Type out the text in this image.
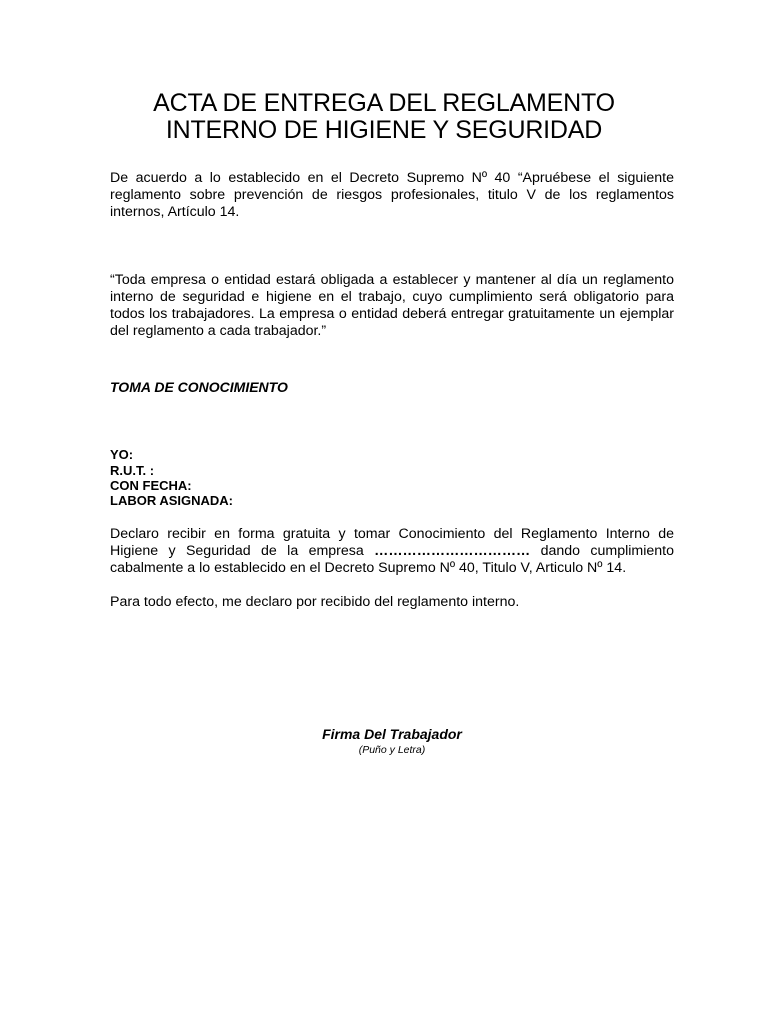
ACTA DE ENTREGA DEL REGLAMENTO
INTERNO DE HIGIENE Y SEGURIDAD
De acuerdo a lo establecido en el Decreto Supremo Nº 40 “Apruébese el siguiente reglamento sobre prevención de riesgos profesionales, titulo V de los reglamentos internos, Artículo 14.
“Toda empresa o entidad estará obligada a establecer y mantener al día un reglamento interno de seguridad e higiene en el trabajo, cuyo cumplimiento será obligatorio para todos los trabajadores. La empresa o entidad deberá entregar gratuitamente un ejemplar del reglamento a cada trabajador.”
TOMA DE CONOCIMIENTO
YO:
R.U.T. :
CON FECHA:
LABOR ASIGNADA:
Declaro recibir en forma gratuita y tomar Conocimiento del Reglamento Interno de Higiene y Seguridad de la empresa …………………………… dando cumplimiento cabalmente a lo establecido en el Decreto Supremo Nº 40, Titulo V, Articulo Nº 14.
Para todo efecto, me declaro por recibido del reglamento interno.
Firma Del Trabajador
(Puño y Letra)
